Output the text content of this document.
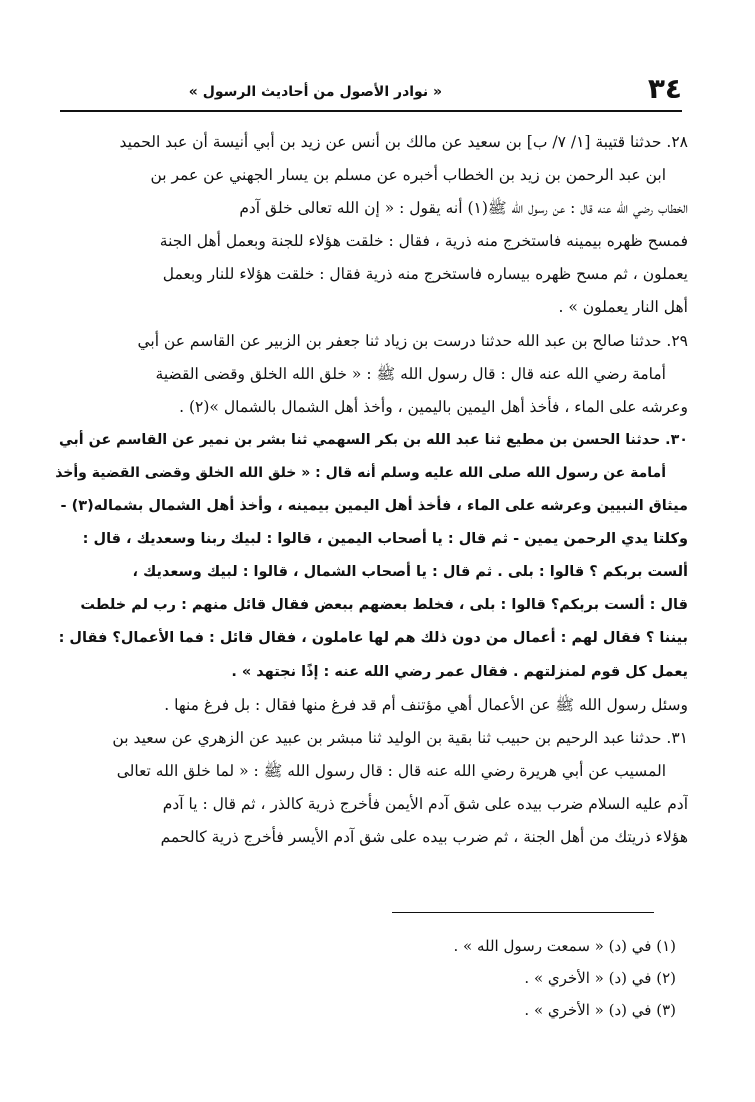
٣٤
« نوادر الأصول من أحاديث الرسول »
٢٨. حدثنا قتيبة [١/ ٧/ ب] بن سعيد عن مالك بن أنس عن زيد بن أبي أنيسة أن عبد الحميد
ابن عبد الرحمن بن زيد بن الخطاب أخبره عن مسلم بن يسار الجهني عن عمر بن
الخطاب رضي الله عنه قال : عن رسول الله ﷺ(١) أنه يقول : « إن الله تعالى خلق آدم
فمسح ظهره بيمينه فاستخرج منه ذرية ، فقال : خلقت هؤلاء للجنة وبعمل أهل الجنة
يعملون ، ثم مسح ظهره بيساره فاستخرج منه ذرية فقال : خلقت هؤلاء للنار وبعمل
أهل النار يعملون » .
٢٩. حدثنا صالح بن عبد الله حدثنا درست بن زياد ثنا جعفر بن الزبير عن القاسم عن أبي
أمامة رضي الله عنه قال : قال رسول الله ﷺ : « خلق الله الخلق وقضى القضية
وعرشه على الماء ، فأخذ أهل اليمين باليمين ، وأخذ أهل الشمال بالشمال »(٢) .
٣٠. حدثنا الحسن بن مطيع ثنا عبد الله بن بكر السهمي ثنا بشر بن نمير عن القاسم عن أبي
أمامة عن رسول الله صلى الله عليه وسلم أنه قال : « خلق الله الخلق وقضى القضية وأخذ
ميثاق النبيين وعرشه على الماء ، فأخذ أهل اليمين بيمينه ، وأخذ أهل الشمال بشماله(٣) -
وكلتا يدي الرحمن يمين - ثم قال : يا أصحاب اليمين ، قالوا : لبيك ربنا وسعديك ، قال :
ألست بربكم ؟ قالوا : بلى . ثم قال : يا أصحاب الشمال ، قالوا : لبيك وسعديك ،
قال : ألست بربكم؟ قالوا : بلى ، فخلط بعضهم ببعض فقال قائل منهم : رب لم خلطت
بيننا ؟ فقال لهم : أعمال من دون ذلك هم لها عاملون ، فقال قائل : فما الأعمال؟ فقال :
يعمل كل قوم لمنزلتهم . فقال عمر رضي الله عنه : إذًا نجتهد » .
وسئل رسول الله ﷺ عن الأعمال أهي مؤتنف أم قد فرغ منها فقال : بل فرغ منها .
٣١. حدثنا عبد الرحيم بن حبيب ثنا بقية بن الوليد ثنا مبشر بن عبيد عن الزهري عن سعيد بن
المسيب عن أبي هريرة رضي الله عنه قال : قال رسول الله ﷺ : « لما خلق الله تعالى
آدم عليه السلام ضرب بيده على شق آدم الأيمن فأخرج ذرية كالذر ، ثم قال : يا آدم
هؤلاء ذريتك من أهل الجنة ، ثم ضرب بيده على شق آدم الأيسر فأخرج ذرية كالحمم
(١) في (د) « سمعت رسول الله » .
(٢) في (د) « الأخري » .
(٣) في (د) « الأخري » .
